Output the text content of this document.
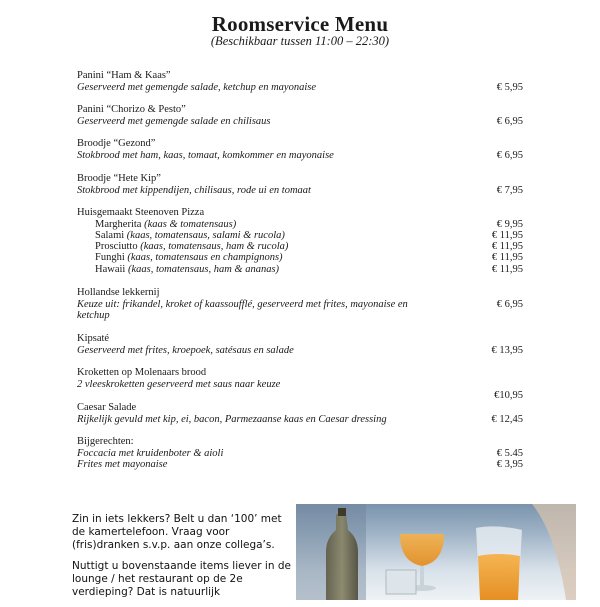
Roomservice Menu
(Beschikbaar tussen 11:00 – 22:30)
Panini “Ham & Kaas”
Geserveerd met gemengde salade, ketchup en mayonaise	€ 5,95
Panini “Chorizo & Pesto”
Geserveerd met gemengde salade en chilisaus	€ 6,95
Broodje “Gezond”
Stokbrood met ham, kaas, tomaat, komkommer en mayonaise	€ 6,95
Broodje “Hete Kip”
Stokbrood met kippendijen, chilisaus, rode ui en tomaat	€ 7,95
Huisgemaakt Steenoven Pizza
Margherita (kaas & tomatensaus)	€ 9,95
Salami (kaas, tomatensaus, salami & rucola)	€ 11,95
Prosciutto (kaas, tomatensaus, ham & rucola)	€ 11,95
Funghi (kaas, tomatensaus en champignons)	€ 11,95
Hawaii (kaas, tomatensaus, ham & ananas)	€ 11,95
Hollandse lekkernij
Keuze uit: frikandel, kroket of kaassoufflé, geserveerd met frites, mayonaise en ketchup
€ 6,95
Kipsaté
Geserveerd met frites, kroepoek, satésaus en salade	€ 13,95
Kroketten op Molenaars brood
2 vleeskroketten geserveerd met saus naar keuze
€10,95
Caesar Salade
Rijkelijk gevuld met kip, ei, bacon, Parmezaanse kaas en Caesar dressing	€ 12,45
Bijgerechten:
Foccacia met kruidenboter & aioli	€ 5.45
Frites met mayonaise	€ 3,95

Zin in iets lekkers? Belt u dan ‘100’ met de kamertelefoon. Vraag voor (fris)dranken s.v.p. aan onze collega’s.

Nuttigt u bovenstaande items liever in de lounge / het restaurant op de 2e verdieping? Dat is natuurlijk
